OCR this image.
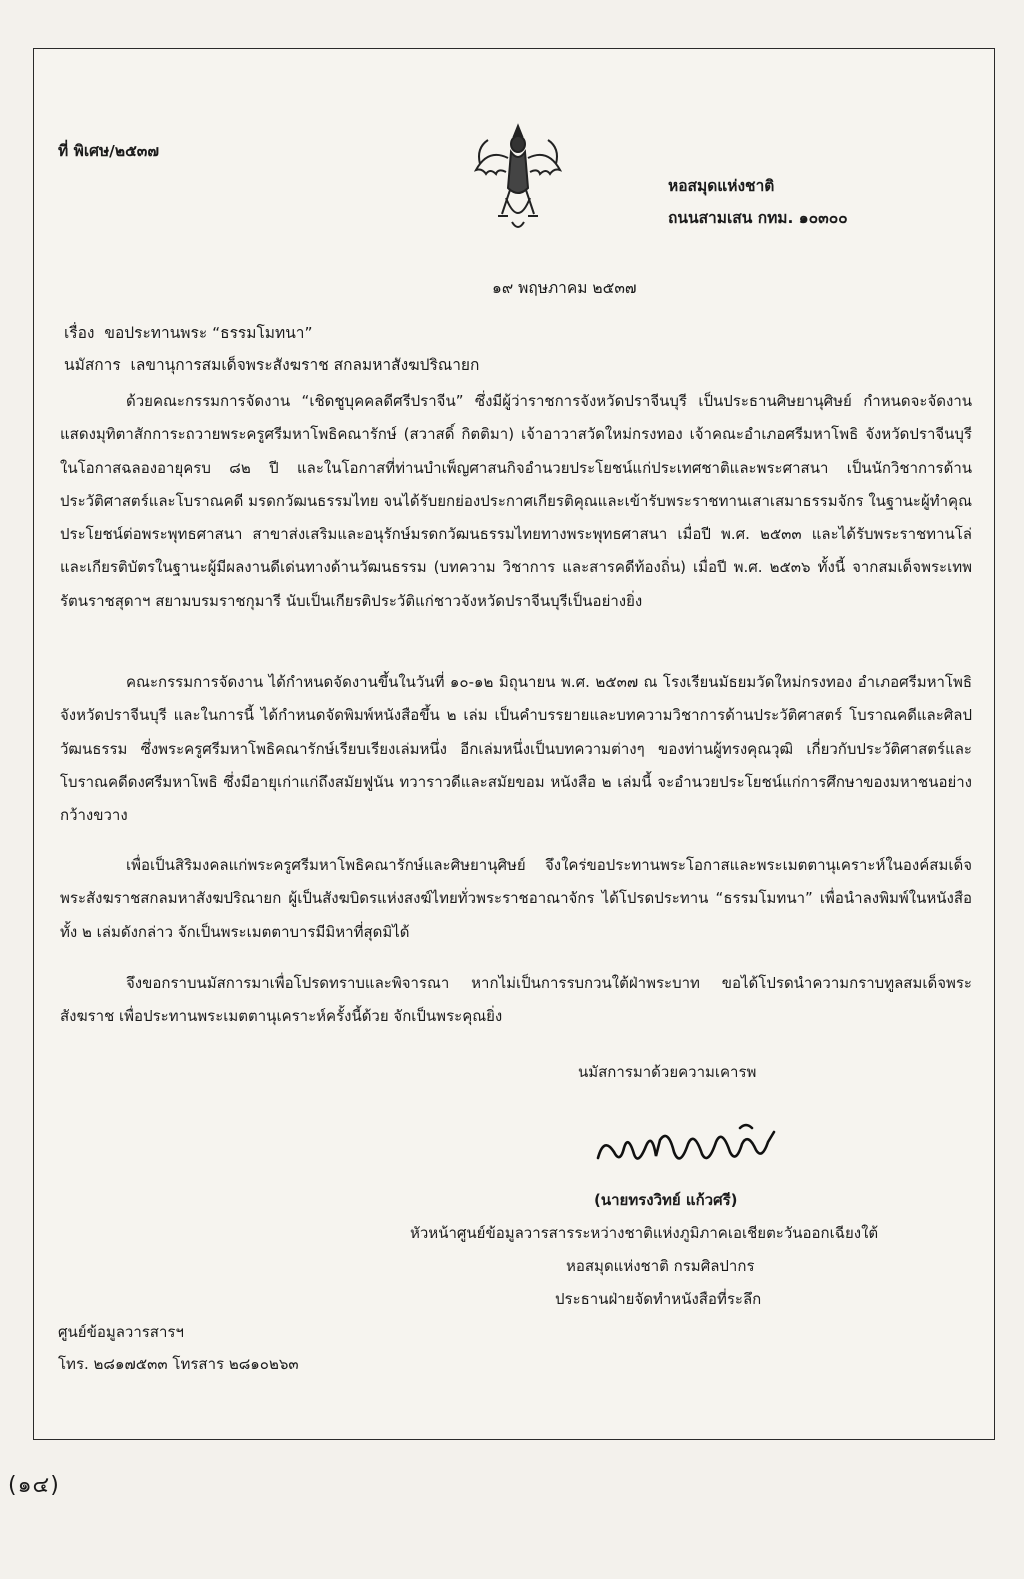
ที่ พิเศษ/๒๕๓๗
หอสมุดแห่งชาติ
ถนนสามเสน กทม. ๑๐๓๐๐
๑๙ พฤษภาคม ๒๕๓๗
เรื่อง ขอประทานพระ “ธรรมโมทนา”
นมัสการ เลขานุการสมเด็จพระสังฆราช สกลมหาสังฆปริณายก

ด้วยคณะกรรมการจัดงาน “เชิดชูบุคคลดีศรีปราจีน” ซึ่งมีผู้ว่าราชการจังหวัดปราจีนบุรี เป็นประธานศิษยานุศิษย์ กำหนดจะจัดงานแสดงมุทิตาสักการะถวายพระครูศรีมหาโพธิคณารักษ์ (สวาสดิ์ กิตติมา) เจ้าอาวาสวัดใหม่กรงทอง เจ้าคณะอำเภอศรีมหาโพธิ จังหวัดปราจีนบุรี ในโอกาสฉลองอายุครบ ๘๒ ปี และในโอกาสที่ท่านบำเพ็ญศาสนกิจอำนวยประโยชน์แก่ประเทศชาติและพระศาสนา เป็นนักวิชาการด้านประวัติศาสตร์และโบราณคดี มรดกวัฒนธรรมไทย จนได้รับยกย่องประกาศเกียรติคุณและเข้ารับพระราชทานเสาเสมาธรรมจักร ในฐานะผู้ทำคุณประโยชน์ต่อพระพุทธศาสนา สาขาส่งเสริมและอนุรักษ์มรดกวัฒนธรรมไทยทางพระพุทธศาสนา เมื่อปี พ.ศ. ๒๕๓๓ และได้รับพระราชทานโล่และเกียรติบัตรในฐานะผู้มีผลงานดีเด่นทางด้านวัฒนธรรม (บทความ วิชาการ และสารคดีท้องถิ่น) เมื่อปี พ.ศ. ๒๕๓๖ ทั้งนี้ จากสมเด็จพระเทพรัตนราชสุดาฯ สยามบรมราชกุมารี นับเป็นเกียรติประวัติแก่ชาวจังหวัดปราจีนบุรีเป็นอย่างยิ่ง

คณะกรรมการจัดงาน ได้กำหนดจัดงานขึ้นในวันที่ ๑๐-๑๒ มิถุนายน พ.ศ. ๒๕๓๗ ณ โรงเรียนมัธยมวัดใหม่กรงทอง อำเภอศรีมหาโพธิ จังหวัดปราจีนบุรี และในการนี้ ได้กำหนดจัดพิมพ์หนังสือขึ้น ๒ เล่ม เป็นคำบรรยายและบทความวิชาการด้านประวัติศาสตร์ โบราณคดีและศิลปวัฒนธรรม ซึ่งพระครูศรีมหาโพธิคณารักษ์เรียบเรียงเล่มหนึ่ง อีกเล่มหนึ่งเป็นบทความต่างๆ ของท่านผู้ทรงคุณวุฒิ เกี่ยวกับประวัติศาสตร์และโบราณคดีดงศรีมหาโพธิ ซึ่งมีอายุเก่าแก่ถึงสมัยฟูนัน ทวาราวดีและสมัยขอม หนังสือ ๒ เล่มนี้ จะอำนวยประโยชน์แก่การศึกษาของมหาชนอย่างกว้างขวาง

เพื่อเป็นสิริมงคลแก่พระครูศรีมหาโพธิคณารักษ์และศิษยานุศิษย์ จึงใคร่ขอประทานพระโอกาสและพระเมตตานุเคราะห์ในองค์สมเด็จพระสังฆราชสกลมหาสังฆปริณายก ผู้เป็นสังฆบิดรแห่งสงฆ์ไทยทั่วพระราชอาณาจักร ได้โปรดประทาน “ธรรมโมทนา” เพื่อนำลงพิมพ์ในหนังสือทั้ง ๒ เล่มดังกล่าว จักเป็นพระเมตตาบารมีมิหาที่สุดมิได้

จึงขอกราบนมัสการมาเพื่อโปรดทราบและพิจารณา หากไม่เป็นการรบกวนใต้ฝ่าพระบาท ขอได้โปรดนำความกราบทูลสมเด็จพระสังฆราช เพื่อประทานพระเมตตานุเคราะห์ครั้งนี้ด้วย จักเป็นพระคุณยิ่ง

นมัสการมาด้วยความเคารพ
(นายทรงวิทย์ แก้วศรี)
หัวหน้าศูนย์ข้อมูลวารสารระหว่างชาติแห่งภูมิภาคเอเชียตะวันออกเฉียงใต้
หอสมุดแห่งชาติ กรมศิลปากร
ประธานฝ่ายจัดทำหนังสือที่ระลึก
ศูนย์ข้อมูลวารสารฯ
โทร. ๒๘๑๗๕๓๓ โทรสาร ๒๘๑๐๒๖๓
(๑๔)
